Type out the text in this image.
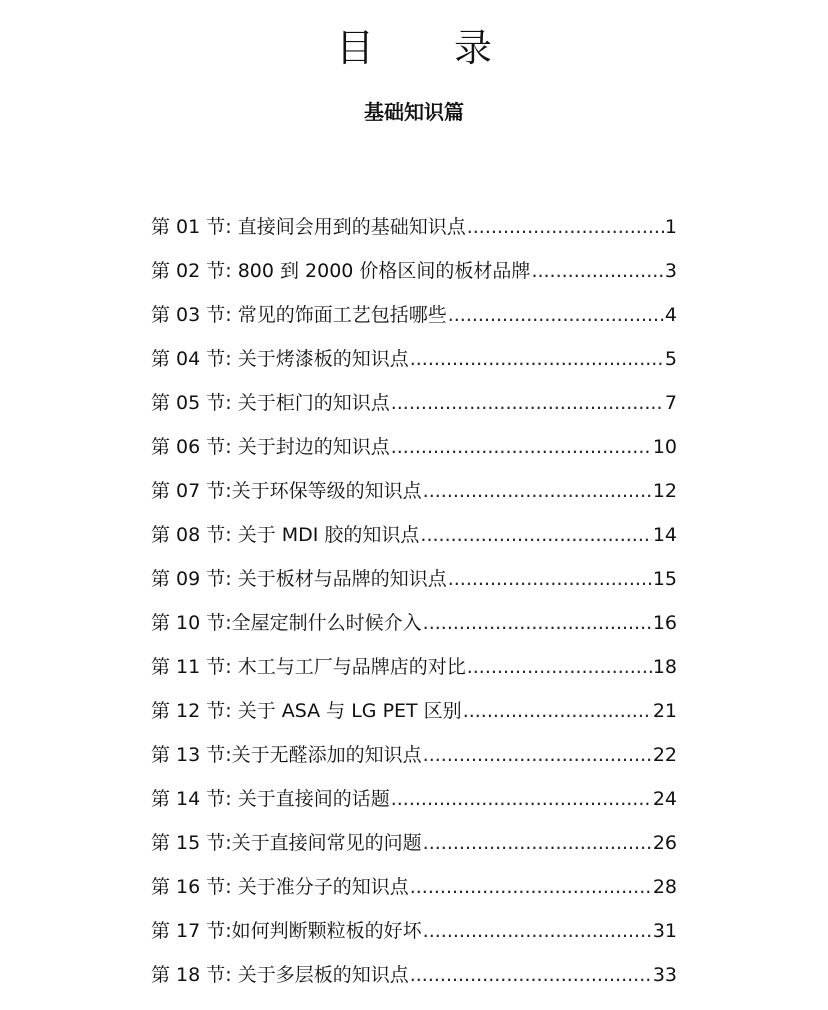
目 录
基础知识篇
第 01 节: 直接间会用到的基础知识点 .....	1
第 02 节: 800 到 2000 价格区间的板材品牌 .....	3
第 03 节: 常见的饰面工艺包括哪些 .....	4
第 04 节: 关于烤漆板的知识点 .....	5
第 05 节: 关于柜门的知识点 .....	7
第 06 节: 关于封边的知识点 .....	10
第 07 节:关于环保等级的知识点 .....	12
第 08 节: 关于 MDI 胶的知识点 .....	14
第 09 节: 关于板材与品牌的知识点 .....	15
第 10 节:全屋定制什么时候介入 .....	16
第 11 节: 木工与工厂与品牌店的对比 .....	18
第 12 节: 关于 ASA 与 LG PET 区别 .....	21
第 13 节:关于无醛添加的知识点 .....	22
第 14 节: 关于直接间的话题 .....	24
第 15 节:关于直接间常见的问题 .....	26
第 16 节: 关于准分子的知识点 .....	28
第 17 节:如何判断颗粒板的好坏 .....	31
第 18 节: 关于多层板的知识点 .....	33
